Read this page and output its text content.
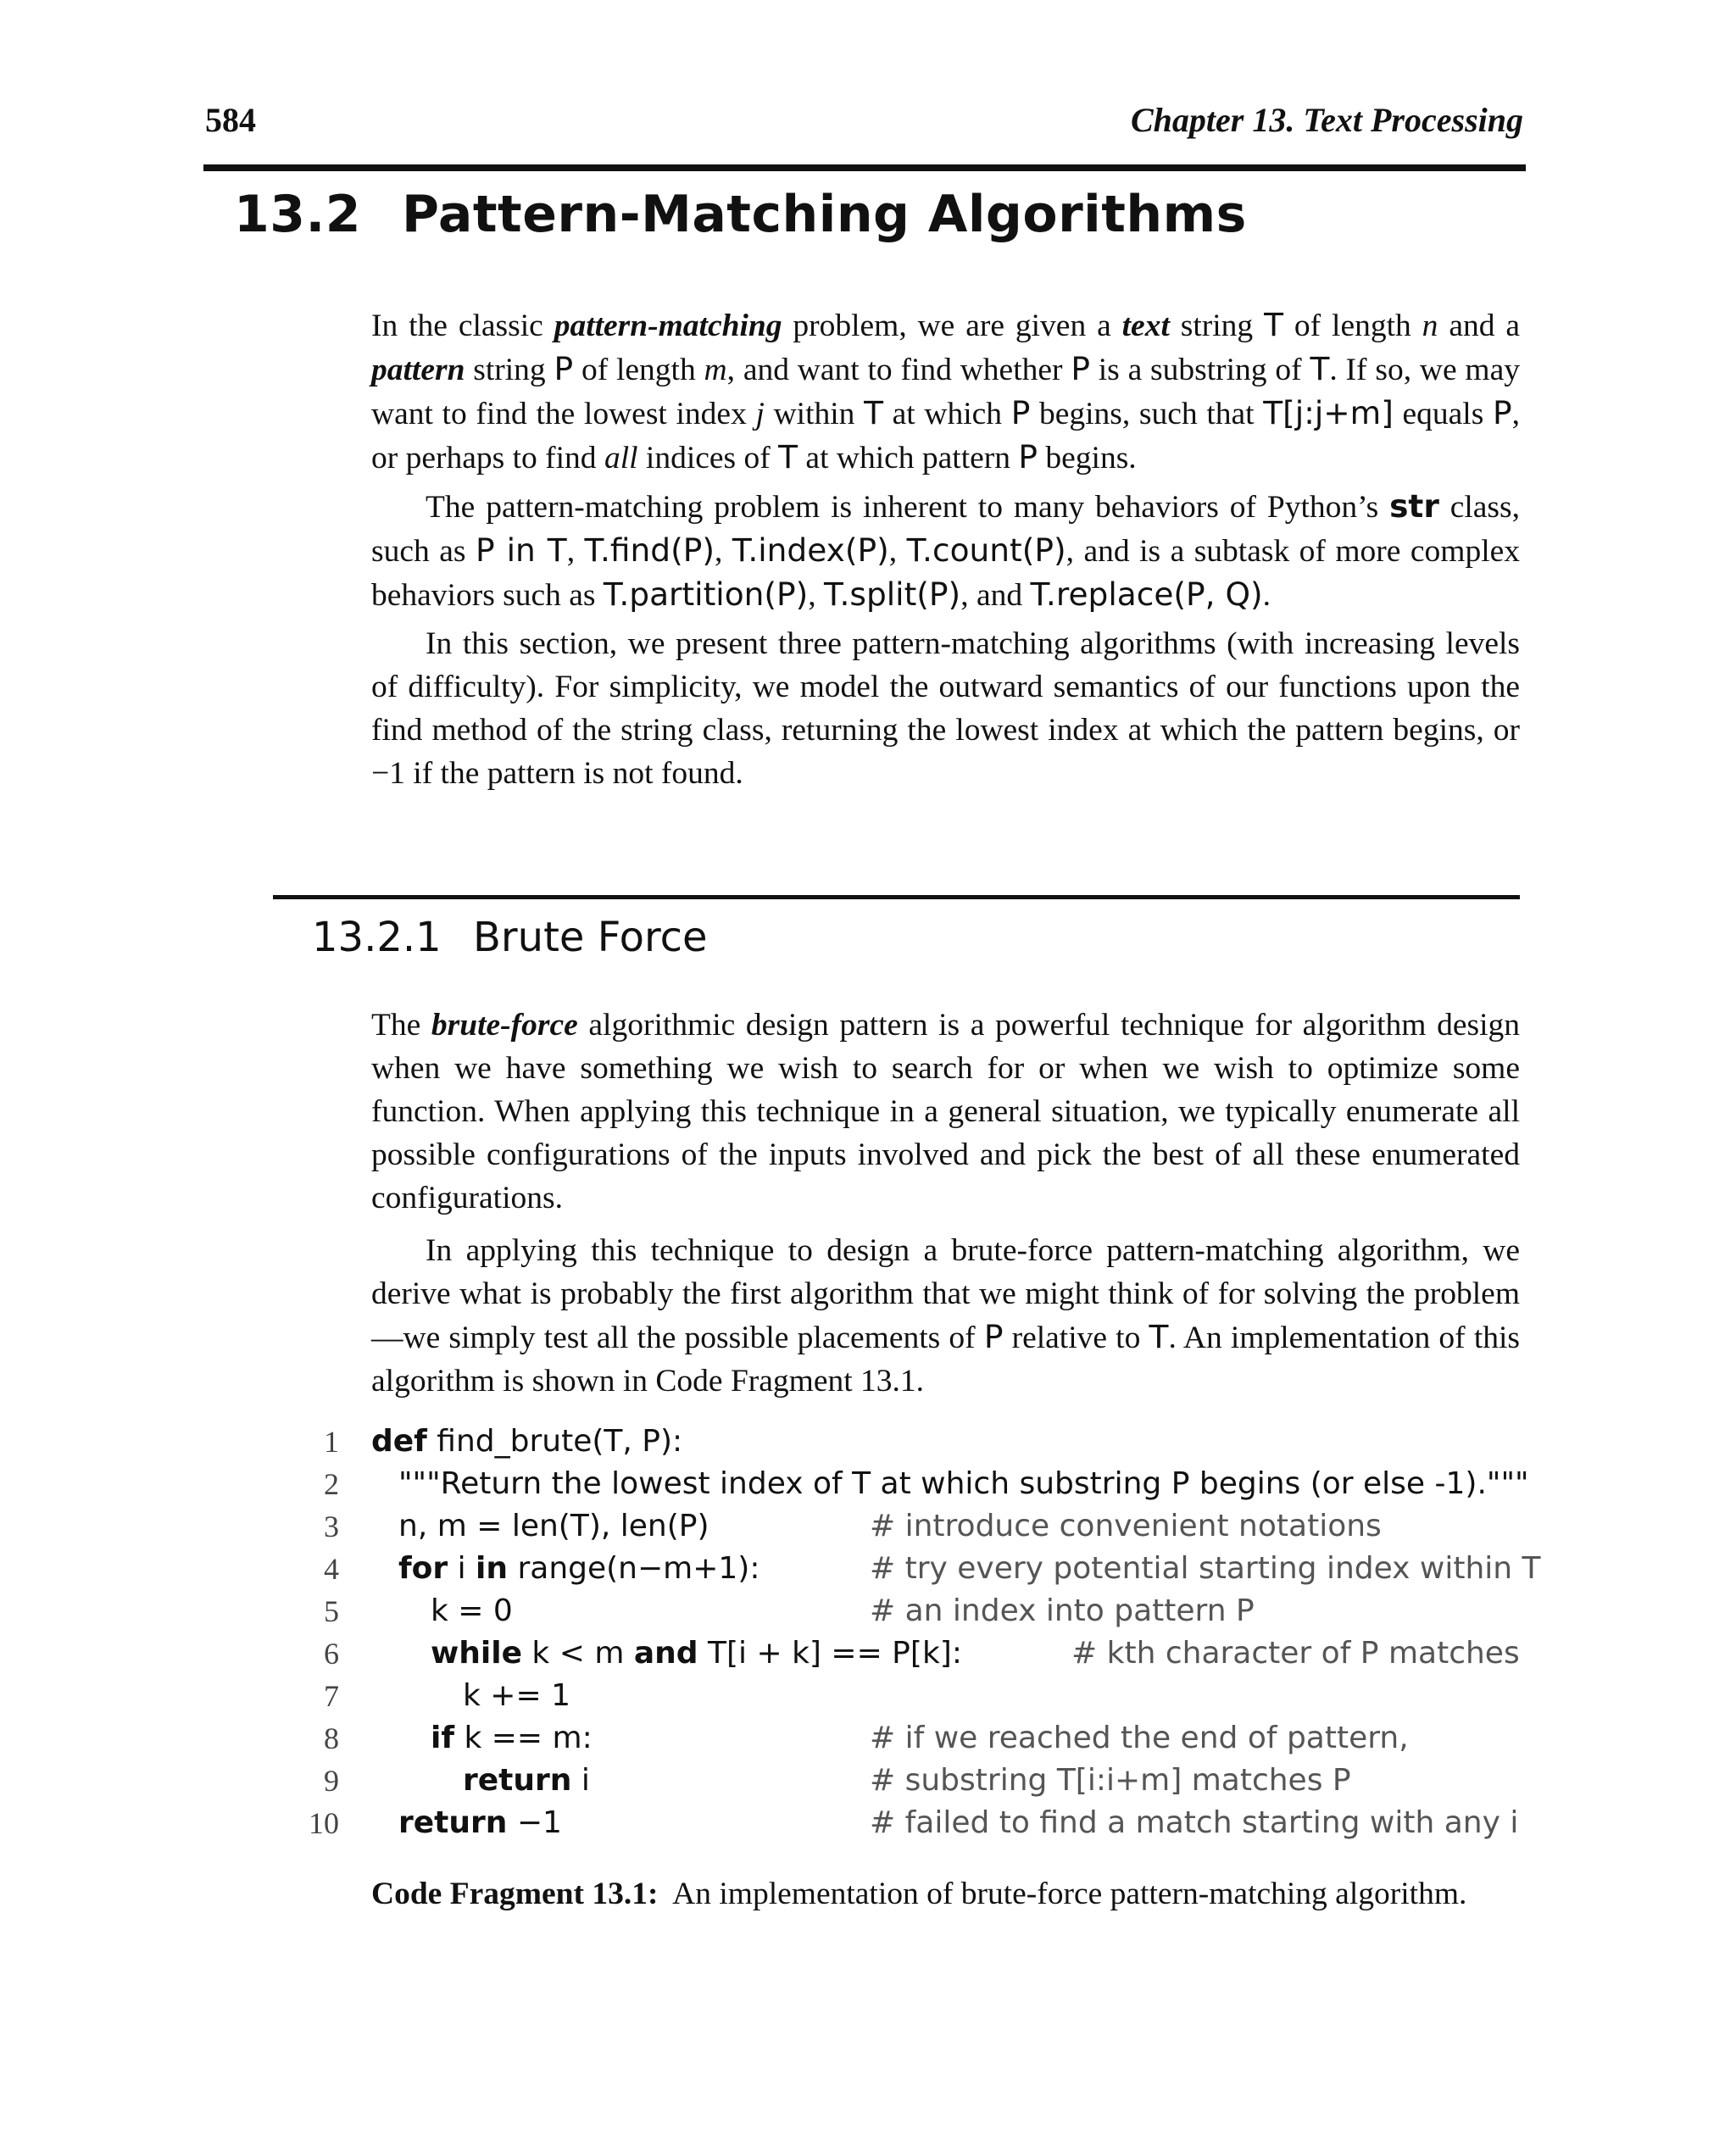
584	Chapter 13. Text Processing
13.2 Pattern-Matching Algorithms

In the classic pattern-matching problem, we are given a text string T of length n and a pattern string P of length m, and want to find whether P is a substring of T. If so, we may want to find the lowest index j within T at which P begins, such that T[j:j+m] equals P, or perhaps to find all indices of T at which pattern P begins.

The pattern-matching problem is inherent to many behaviors of Python’s str class, such as P in T, T.find(P), T.index(P), T.count(P), and is a subtask of more complex behaviors such as T.partition(P), T.split(P), and T.replace(P, Q).

In this section, we present three pattern-matching algorithms (with increasing levels of difficulty). For simplicity, we model the outward semantics of our functions upon the find method of the string class, returning the lowest index at which the pattern begins, or −1 if the pattern is not found.

13.2.1 Brute Force

The brute-force algorithmic design pattern is a powerful technique for algorithm design when we have something we wish to search for or when we wish to optimize some function. When applying this technique in a general situation, we typically enumerate all possible configurations of the inputs involved and pick the best of all these enumerated configurations.

In applying this technique to design a brute-force pattern-matching algorithm, we derive what is probably the first algorithm that we might think of for solving the problem—we simply test all the possible placements of P relative to T. An implementation of this algorithm is shown in Code Fragment 13.1.

1 def find_brute(T, P):
2 """Return the lowest index of T at which substring P begins (or else -1)."""
3 n, m = len(T), len(P)	# introduce convenient notations
4 for i in range(n−m+1):	# try every potential starting index within T
5	k = 0	# an index into pattern P
6	while k < m and T[i + k] == P[k]:	# kth character of P matches
7	k += 1
8	if k == m:	# if we reached the end of pattern,
9	return i	# substring T[i:i+m] matches P
10 return −1	# failed to find a match starting with any i
Code Fragment 13.1: An implementation of brute-force pattern-matching algorithm.
